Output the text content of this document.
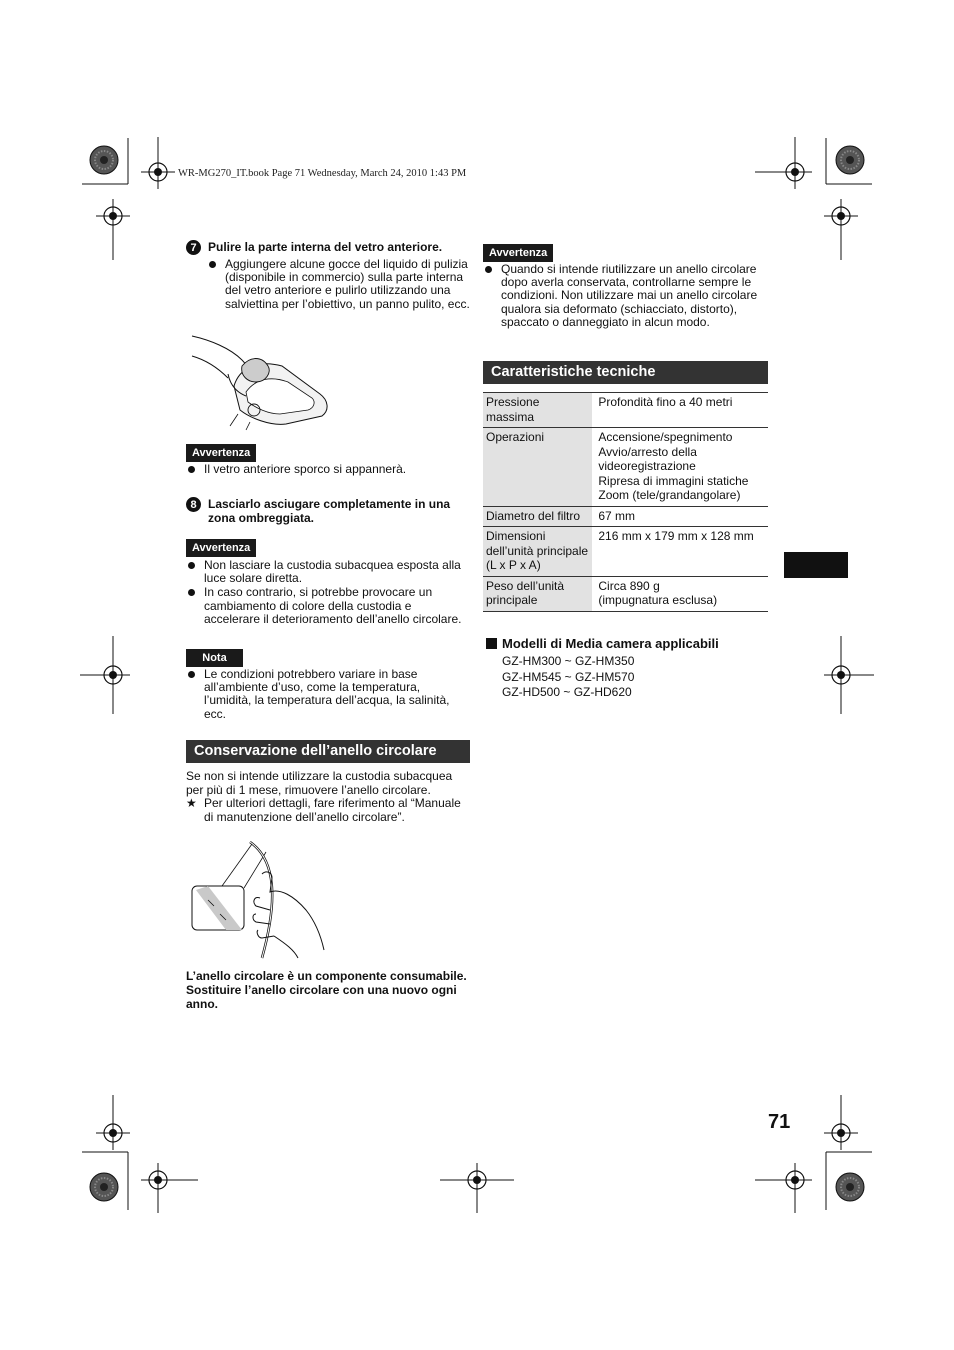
WR-MG270_IT.book Page 71 Wednesday, March 24, 2010 1:43 PM
7 Pulire la parte interna del vetro anteriore.
Aggiungere alcune gocce del liquido di pulizia (disponibile in commercio) sulla parte interna del vetro anteriore e pulirlo utilizzando una salviettina per l’obiettivo, un panno pulito, ecc.
Avvertenza
Il vetro anteriore sporco si appannerà.
8 Lasciarlo asciugare completamente in una zona ombreggiata.
Avvertenza
Non lasciare la custodia subacquea esposta alla luce solare diretta.
In caso contrario, si potrebbe provocare un cambiamento di colore della custodia e accelerare il deterioramento dell’anello circolare.
Nota
Le condizioni potrebbero variare in base all’ambiente d’uso, come la temperatura, l’umidità, la temperatura dell’acqua, la salinità, ecc.
Conservazione dell’anello circolare
Se non si intende utilizzare la custodia subacquea per più di 1 mese, rimuovere l’anello circolare.
★ Per ulteriori dettagli, fare riferimento al “Manuale di manutenzione dell’anello circolare”.
L’anello circolare è un componente consumabile. Sostituire l’anello circolare con una nuovo ogni anno.
Avvertenza
Quando si intende riutilizzare un anello circolare dopo averla conservata, controllarne sempre le condizioni. Non utilizzare mai un anello circolare qualora sia deformato (schiacciato, distorto), spaccato o danneggiato in alcun modo.
Caratteristiche tecniche
Pressione massima	Profondità fino a 40 metri
Operazioni	Accensione/spegnimento
Avvio/arresto della videoregistrazione
Ripresa di immagini statiche
Zoom (tele/grandangolare)
Diametro del filtro	67 mm
Dimensioni dell’unità principale
(L x P x A)	216 mm x 179 mm x 128 mm
Peso dell’unità principale	Circa 890 g
(impugnatura esclusa)
Modelli di Media camera applicabili
GZ-HM300 ~ GZ-HM350
GZ-HM545 ~ GZ-HM570
GZ-HD500 ~ GZ-HD620
71
